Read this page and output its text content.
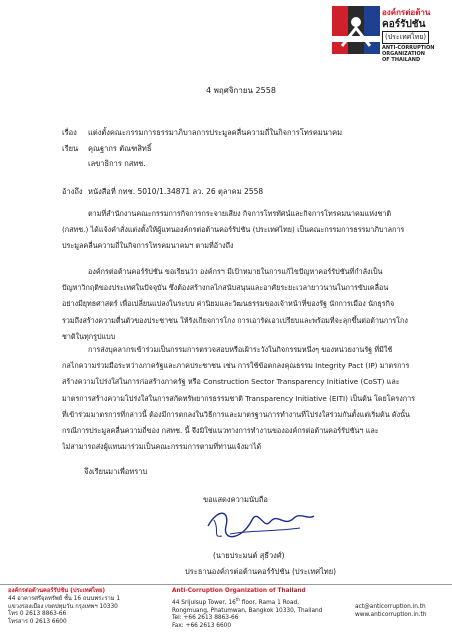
องค์กรต่อต้าน
คอร์รัปชัน
(ประเทศไทย)
ANTI-CORRUPTION
ORGANIZATION
OF THAILAND
4 พฤศจิกายน 2558
เรื่อง แต่งตั้งคณะกรรมการธรรมาภิบาลการประมูลคลื่นความถี่ในกิจการโทรคมนาคม
เรียน คุณฐากร ตัณฑสิทธิ์
เลขาธิการ กสทช.
อ้างถึง หนังสือที่ กทช. 5010/1.34871 ลว. 26 ตุลาคม 2558
ตามที่สำนักงานคณะกรรมการกิจการกระจายเสียง กิจการโทรทัศน์และกิจการโทรคมนาคมแห่งชาติ
(กสทช.) ได้แจ้งคำสั่งแต่งตั้งให้ผู้แทนองค์กรต่อต้านคอร์รัปชัน (ประเทศไทย) เป็นคณะกรรมการธรรมาภิบาลการ
ประมูลคลื่นความถี่ในกิจการโทรคมนาคมฯ ตามที่อ้างถึง
องค์กรต่อต้านคอร์รัปชัน ขอเรียนว่า องค์กรฯ มีเป้าหมายในการแก้ไขปัญหาคอร์รัปชันที่กำลังเป็น
ปัญหาวิกฤติของประเทศในปัจจุบัน ซึ่งต้องสร้างกลไกสนับสนุนและอาศัยระยะเวลายาวนานในการขับเคลื่อน
อย่างมียุทธศาสตร์ เพื่อเปลี่ยนแปลงในระบบ ค่านิยมและวัฒนธรรมของเจ้าหน้าที่ของรัฐ นักการเมือง นักธุรกิจ
รวมถึงสร้างความตื่นตัวของประชาชน ให้รังเกียจการโกง การเอารัดเอาเปรียบและพร้อมที่จะลุกขึ้นต่อต้านการโกง
ชาติในทุกรูปแบบ
การส่งบุคลากรเข้าร่วมเป็นกรรมการตรวจสอบหรือเฝ้าระวังในกิจกรรมหนึ่งๆ ของหน่วยงานรัฐ ที่มีใช้
กลไกความร่วมมือระหว่างภาครัฐและภาคประชาชน เช่น การใช้ข้อตกลงคุณธรรม Integrity Pact (IP) มาตรการ
สร้างความโปร่งใสในการก่อสร้างภาครัฐ หรือ Construction Sector Transparency Initiative (CoST) และ
มาตรการสร้างความโปร่งใสในการสกัดทรัพยากรธรรมชาติ Transparency Initiative (EITI) เป็นต้น โดยโครงการ
ที่เข้าร่วมมาตรการที่กล่าวนี้ ต้องมีการตกลงในวิธีการและมาตรฐานการทำงานที่โปร่งใสร่วมกันตั้งแต่เริ่มต้น ดังนั้น
กรณีการประมูลคลื่นความถี่ของ กสทช. นี้ จึงมิใช่แนวทางการทำงานขององค์กรต่อต้านคอร์รัปชันฯ และ
ไม่สามารถส่งผู้แทนมาร่วมเป็นคณะกรรมการตามที่ท่านแจ้งมาได้
จึงเรียนมาเพื่อทราบ
ขอแสดงความนับถือ
(นายประมนต์ สุธีวงศ์)
ประธานองค์กรต่อต้านคอร์รัปชัน (ประเทศไทย)
องค์กรต่อต้านคอร์รัปชัน (ประเทศไทย)
44 อาคารศรีจุลทรัพย์ ชั้น 16 ถนนพระราม 1
แขวงรองเมือง เขตปทุมวัน กรุงเทพฯ 10330
โทร 0 2613 8863-66
โทรสาร 0 2613 6600
Anti-Corruption Organization of Thailand
44 Srijulsup Tower, 16th floor, Rama 1 Road,
Rongmuang, Phatumwan, Bangkok 10330, Thailand
Tel: +66 2613 8863-66
Fax: +66 2613 6600
act@anticorruption.in.th
www.anticorruption.in.th
